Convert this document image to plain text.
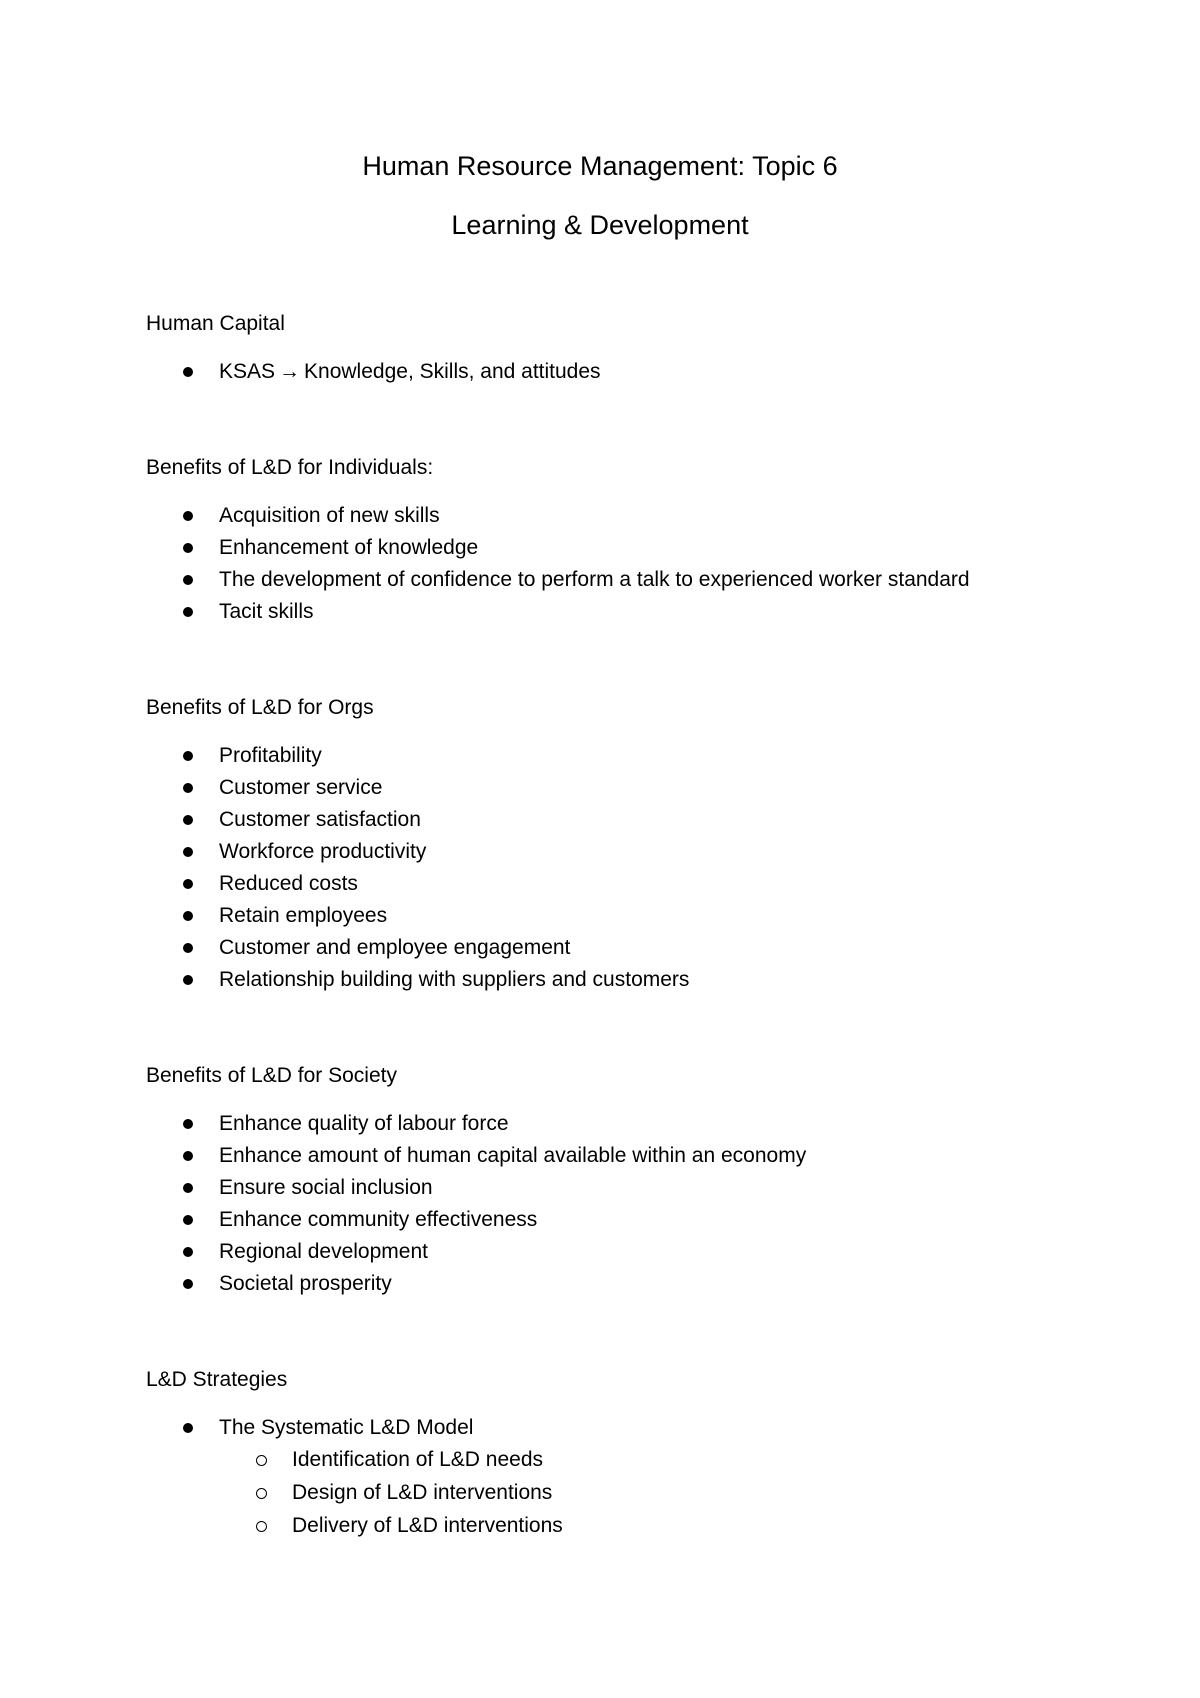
Human Resource Management: Topic 6
Learning & Development
Human Capital
KSAS → Knowledge, Skills, and attitudes
Benefits of L&D for Individuals:
Acquisition of new skills
Enhancement of knowledge
The development of confidence to perform a talk to experienced worker standard
Tacit skills
Benefits of L&D for Orgs
Profitability
Customer service
Customer satisfaction
Workforce productivity
Reduced costs
Retain employees
Customer and employee engagement
Relationship building with suppliers and customers
Benefits of L&D for Society
Enhance quality of labour force
Enhance amount of human capital available within an economy
Ensure social inclusion
Enhance community effectiveness
Regional development
Societal prosperity
L&D Strategies
The Systematic L&D Model
Identification of L&D needs
Design of L&D interventions
Delivery of L&D interventions
